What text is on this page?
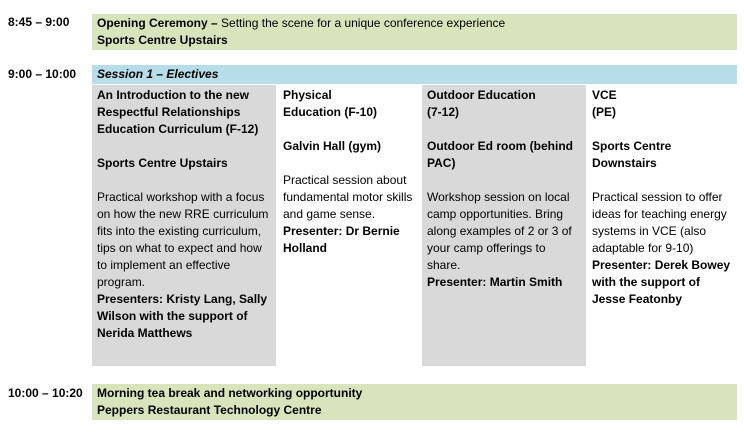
8:45 – 9:00 Opening Ceremony – Setting the scene for a unique conference experience
Sports Centre Upstairs
9:00 – 10:00	Session 1 – Electives
An Introduction to the new Respectful Relationships Education Curriculum (F-12)
Sports Centre Upstairs
Practical workshop with a focus on how the new RRE curriculum fits into the existing curriculum, tips on what to expect and how to implement an effective program.
Presenters: Kristy Lang, Sally Wilson with the support of Nerida Matthews
Physical Education (F-10)
Galvin Hall (gym)
Practical session about fundamental motor skills and game sense.
Presenter: Dr Bernie Holland
Outdoor Education (7-12)
Outdoor Ed room (behind PAC)
Workshop session on local camp opportunities. Bring along examples of 2 or 3 of your camp offerings to share.
Presenter: Martin Smith
VCE (PE)
Sports Centre Downstairs
Practical session to offer ideas for teaching energy systems in VCE (also adaptable for 9-10)
Presenter: Derek Bowey with the support of Jesse Featonby
10:00 – 10:20 Morning tea break and networking opportunity
Peppers Restaurant Technology Centre
